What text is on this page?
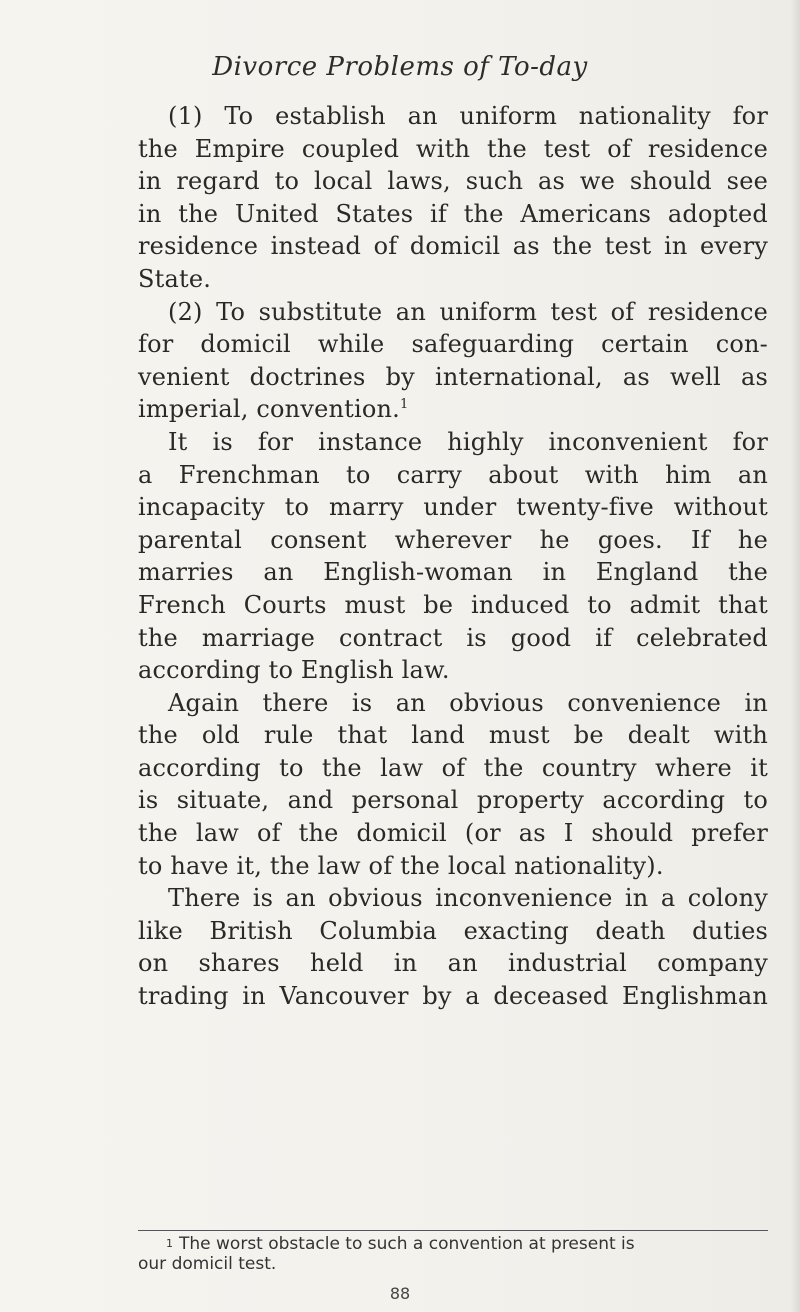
Divorce Problems of To-day
(1) To establish an uniform nationality for
the Empire coupled with the test of residence
in regard to local laws, such as we should see
in the United States if the Americans adopted
residence instead of domicil as the test in every
State.
(2) To substitute an uniform test of residence
for domicil while safeguarding certain con-
venient doctrines by international, as well as
imperial, convention.$^1$
It is for instance highly inconvenient for
a Frenchman to carry about with him an
incapacity to marry under twenty-five without
parental consent wherever he goes. If he
marries an English-woman in England the
French Courts must be induced to admit that
the marriage contract is good if celebrated
according to English law.
Again there is an obvious convenience in
the old rule that land must be dealt with
according to the law of the country where it
is situate, and personal property according to
the law of the domicil (or as I should prefer
to have it, the law of the local nationality).
There is an obvious inconvenience in a colony
like British Columbia exacting death duties
on shares held in an industrial company
trading in Vancouver by a deceased Englishman
$^1$ The worst obstacle to such a convention at present is
our domicil test.
88
